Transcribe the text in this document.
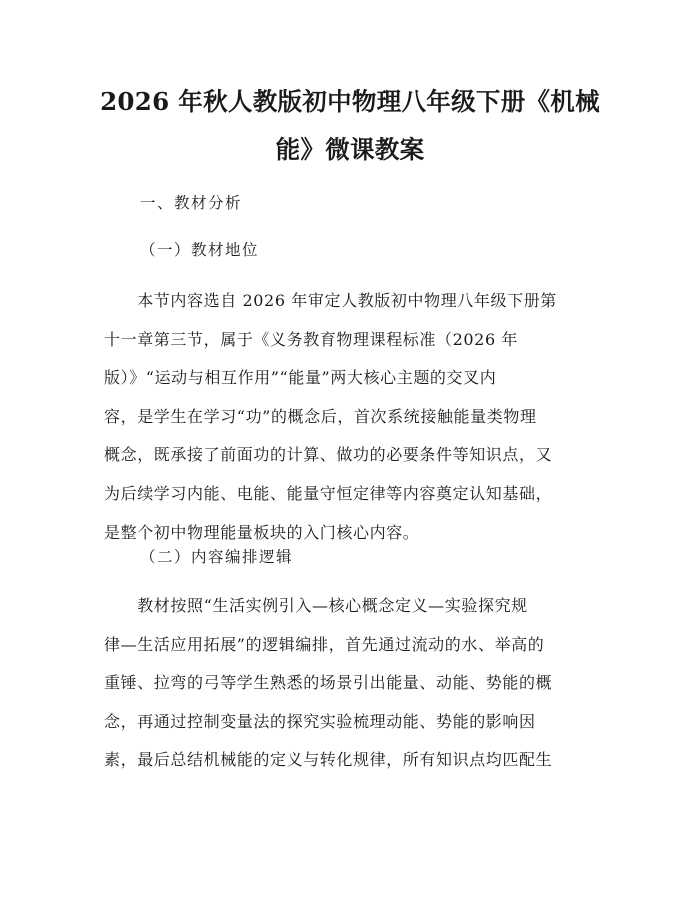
2026 年秋人教版初中物理八年级下册《机械
能》微课教案
一、教材分析
（一）教材地位
　　本节内容选自 2026 年审定人教版初中物理八年级下册第
十一章第三节，属于《义务教育物理课程标准（2026 年
版）》“运动与相互作用”“能量”两大核心主题的交叉内
容，是学生在学习“功”的概念后，首次系统接触能量类物理
概念，既承接了前面功的计算、做功的必要条件等知识点，又
为后续学习内能、电能、能量守恒定律等内容奠定认知基础，
是整个初中物理能量板块的入门核心内容。
（二）内容编排逻辑
　　教材按照“生活实例引入—核心概念定义—实验探究规
律—生活应用拓展”的逻辑编排，首先通过流动的水、举高的
重锤、拉弯的弓等学生熟悉的场景引出能量、动能、势能的概
念，再通过控制变量法的探究实验梳理动能、势能的影响因
素，最后总结机械能的定义与转化规律，所有知识点均匹配生
